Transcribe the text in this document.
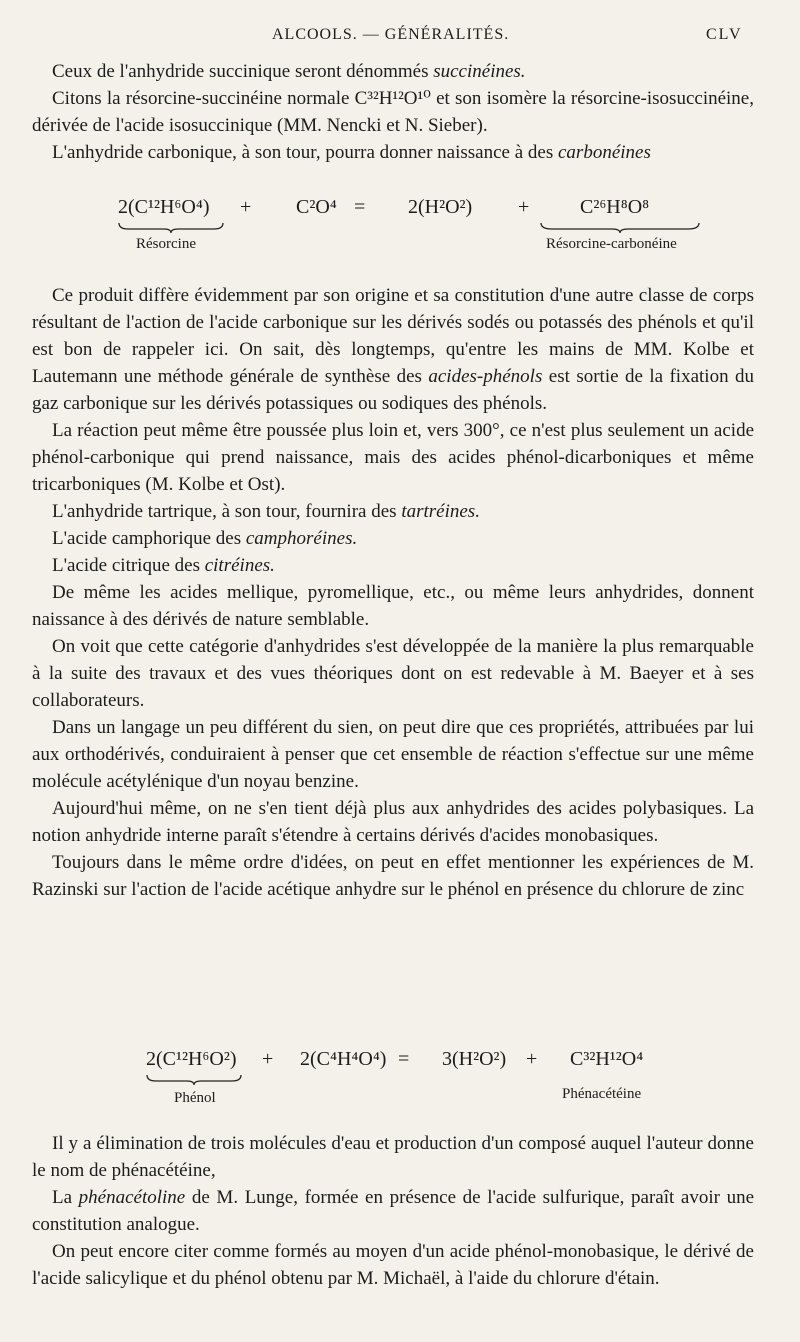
ALCOOLS. — GÉNÉRALITÉS.	CLV

Ceux de l'anhydride succinique seront dénommés succinéines.

Citons la résorcine-succinéine normale C³²H¹²O¹⁰ et son isomère la résorcine-isosuccinéine, dérivée de l'acide isosuccinique (MM. Nencki et N. Sieber).

L'anhydride carbonique, à son tour, pourra donner naissance à des carbonéines

2(C¹²H⁶O⁴) + C²O⁴ = 2(H²O²) +	C²⁶H⁸O⁸
Résorcine	Résorcine-carbonéine

Ce produit diffère évidemment par son origine et sa constitution d'une autre classe de corps résultant de l'action de l'acide carbonique sur les dérivés sodés ou potassés des phénols et qu'il est bon de rappeler ici. On sait, dès longtemps, qu'entre les mains de MM. Kolbe et Lautemann une méthode générale de synthèse des acides-phénols est sortie de la fixation du gaz carbonique sur les dérivés potassiques ou sodiques des phénols.

La réaction peut même être poussée plus loin et, vers 300°, ce n'est plus seulement un acide phénol-carbonique qui prend naissance, mais des acides phénol-dicarboniques et même tricarboniques (M. Kolbe et Ost).

L'anhydride tartrique, à son tour, fournira des tartréines.

L'acide camphorique des camphoréines.

L'acide citrique des citréines.

De même les acides mellique, pyromellique, etc., ou même leurs anhydrides, donnent naissance à des dérivés de nature semblable.

On voit que cette catégorie d'anhydrides s'est développée de la manière la plus remarquable à la suite des travaux et des vues théoriques dont on est redevable à M. Baeyer et à ses collaborateurs.

Dans un langage un peu différent du sien, on peut dire que ces propriétés, attribuées par lui aux orthodérivés, conduiraient à penser que cet ensemble de réaction s'effectue sur une même molécule acétylénique d'un noyau benzine.

Aujourd'hui même, on ne s'en tient déjà plus aux anhydrides des acides polybasiques. La notion anhydride interne paraît s'étendre à certains dérivés d'acides monobasiques.

Toujours dans le même ordre d'idées, on peut en effet mentionner les expériences de M. Razinski sur l'action de l'acide acétique anhydre sur le phénol en présence du chlorure de zinc

2(C¹²H⁶O²) + 2(C⁴H⁴O⁴) = 3(H²O²) + C³²H¹²O⁴
Phénol	Phénacétéine

Il y a élimination de trois molécules d'eau et production d'un composé auquel l'auteur donne le nom de phénacétéine,

La phénacétoline de M. Lunge, formée en présence de l'acide sulfurique, paraît avoir une constitution analogue.

On peut encore citer comme formés au moyen d'un acide phénol-monobasique, le dérivé de l'acide salicylique et du phénol obtenu par M. Michaël, à l'aide du chlorure d'étain.
